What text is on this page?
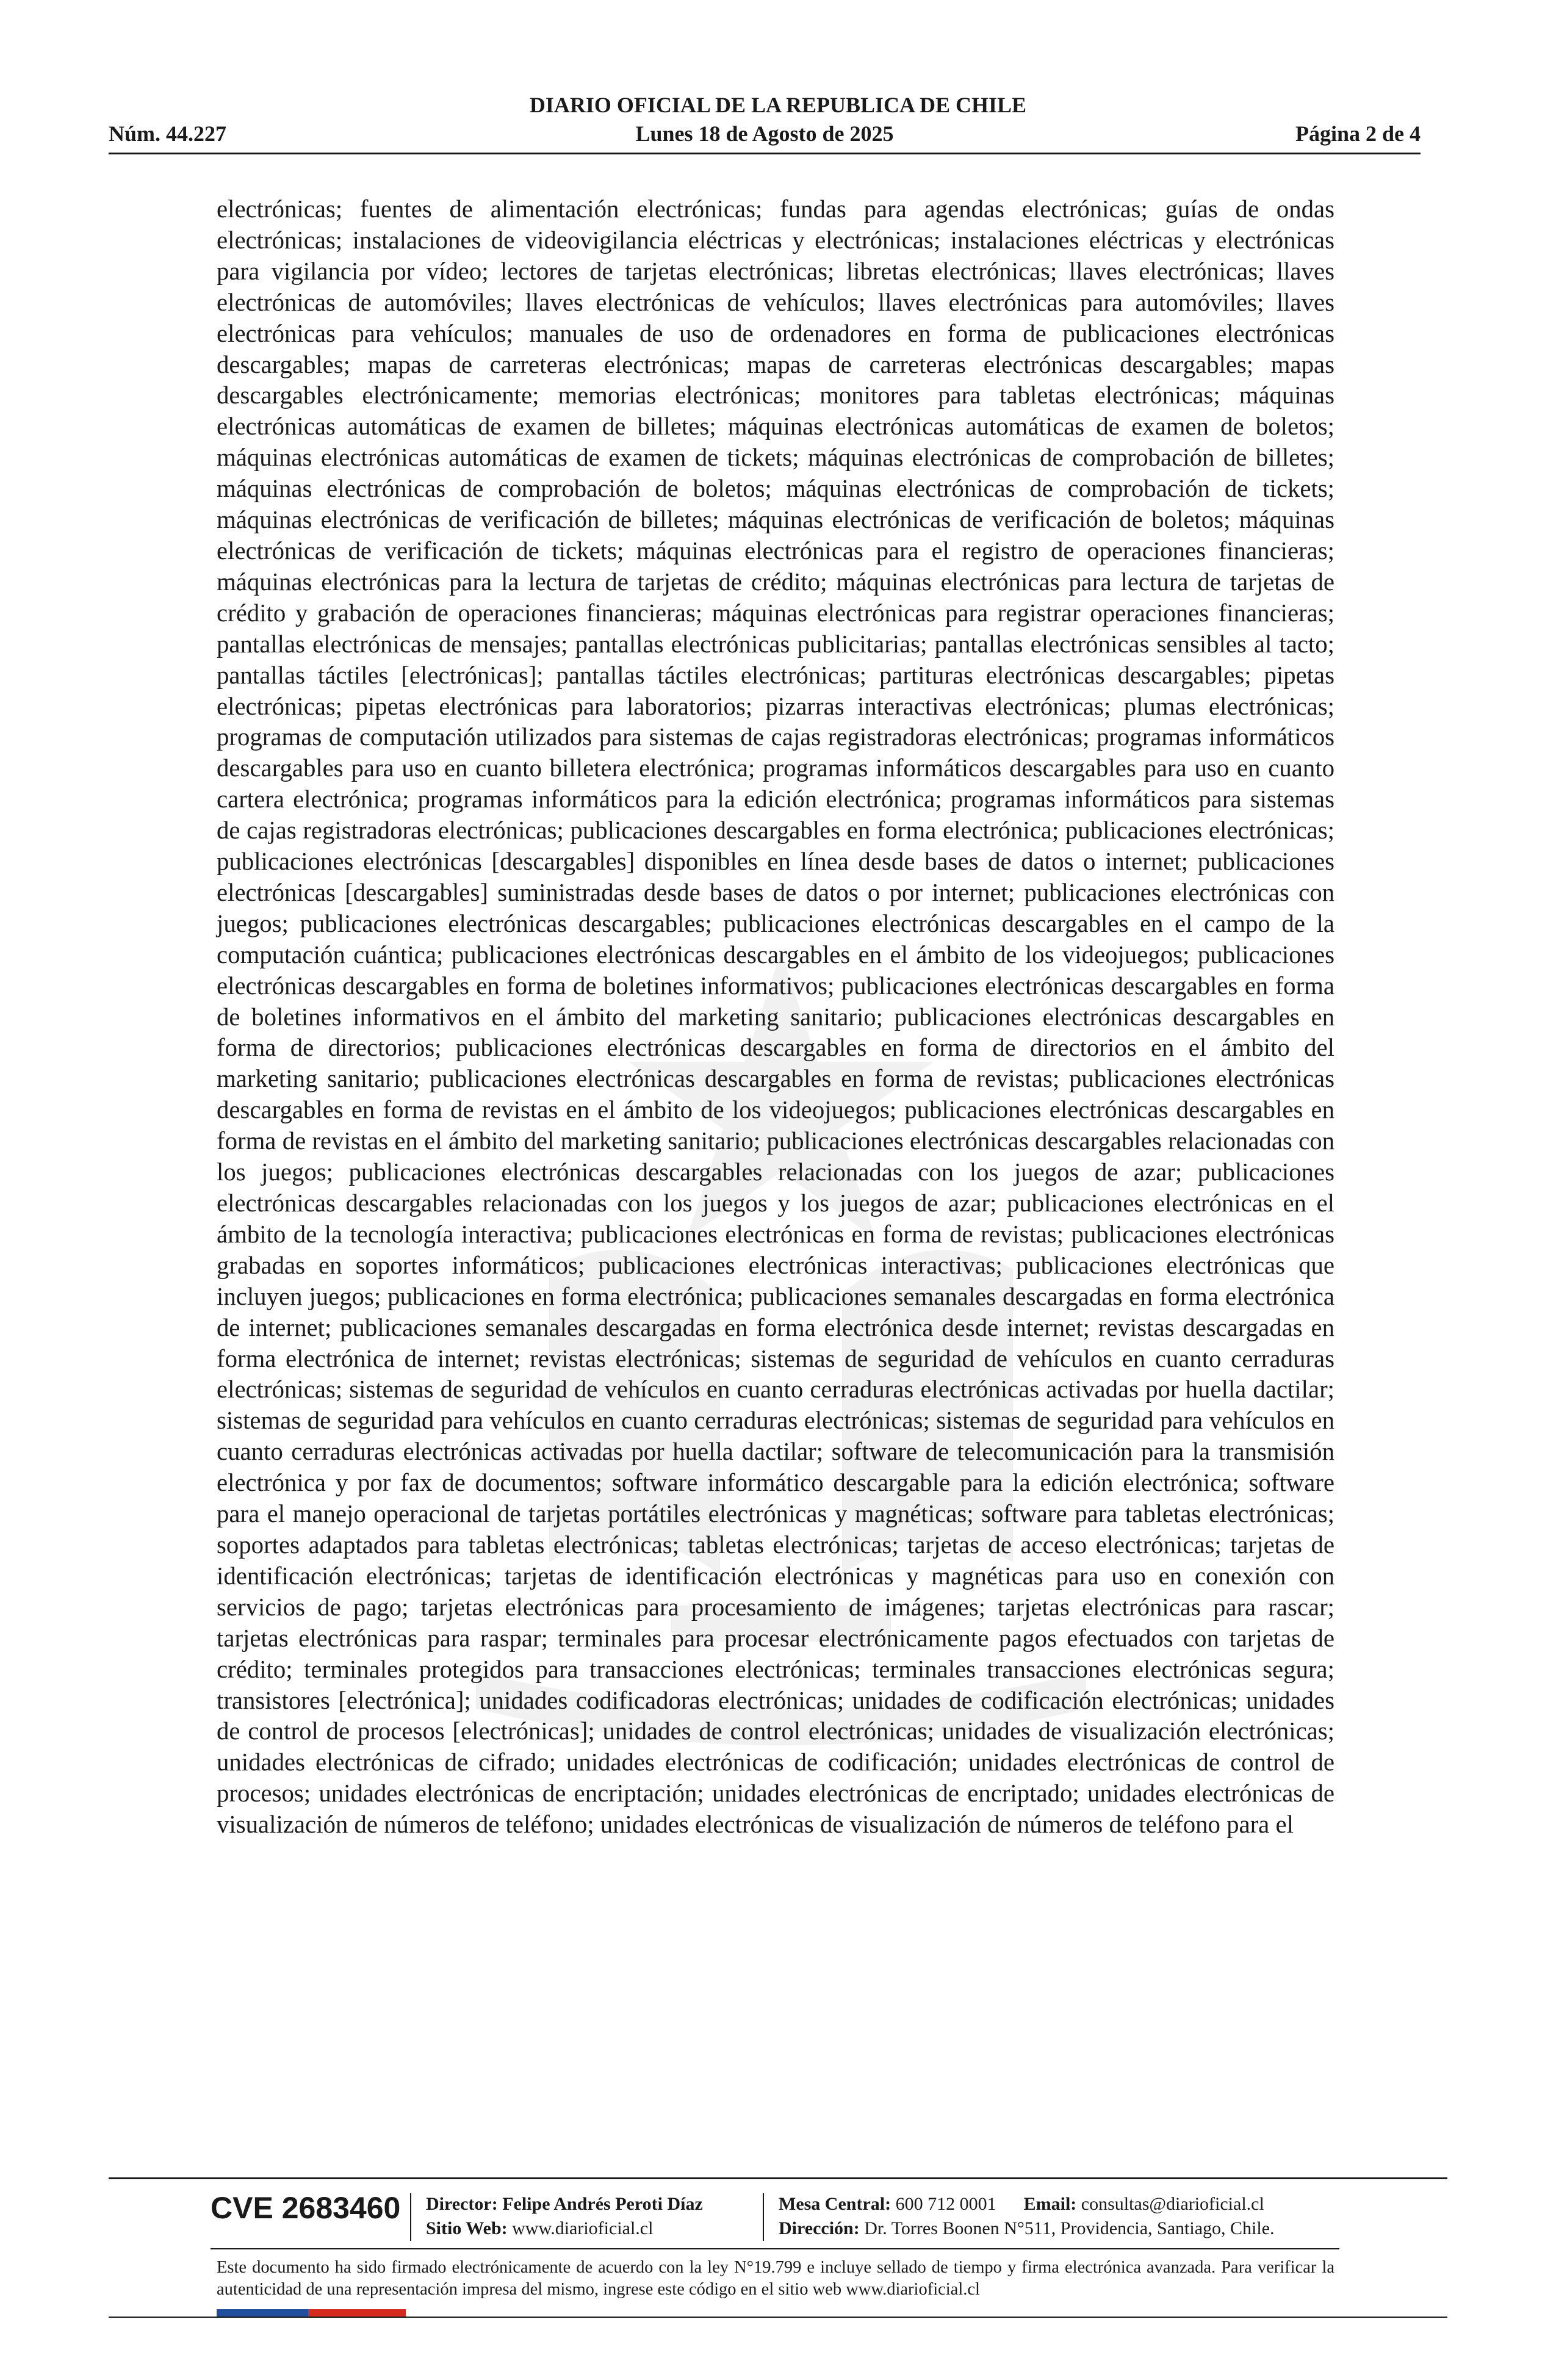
DIARIO OFICIAL DE LA REPUBLICA DE CHILE
Núm. 44.227	Lunes 18 de Agosto de 2025	Página 2 de 4

electrónicas; fuentes de alimentación electrónicas; fundas para agendas electrónicas; guías de ondas electrónicas; instalaciones de videovigilancia eléctricas y electrónicas; instalaciones eléctricas y electrónicas para vigilancia por vídeo; lectores de tarjetas electrónicas; libretas electrónicas; llaves electrónicas; llaves electrónicas de automóviles; llaves electrónicas de vehículos; llaves electrónicas para automóviles; llaves electrónicas para vehículos; manuales de uso de ordenadores en forma de publicaciones electrónicas descargables; mapas de carreteras electrónicas; mapas de carreteras electrónicas descargables; mapas descargables electrónicamente; memorias electrónicas; monitores para tabletas electrónicas; máquinas electrónicas automáticas de examen de billetes; máquinas electrónicas automáticas de examen de boletos; máquinas electrónicas automáticas de examen de tickets; máquinas electrónicas de comprobación de billetes; máquinas electrónicas de comprobación de boletos; máquinas electrónicas de comprobación de tickets; máquinas electrónicas de verificación de billetes; máquinas electrónicas de verificación de boletos; máquinas electrónicas de verificación de tickets; máquinas electrónicas para el registro de operaciones financieras; máquinas electrónicas para la lectura de tarjetas de crédito; máquinas electrónicas para lectura de tarjetas de crédito y grabación de operaciones financieras; máquinas electrónicas para registrar operaciones financieras; pantallas electrónicas de mensajes; pantallas electrónicas publicitarias; pantallas electrónicas sensibles al tacto; pantallas táctiles [electrónicas]; pantallas táctiles electrónicas; partituras electrónicas descargables; pipetas electrónicas; pipetas electrónicas para laboratorios; pizarras interactivas electrónicas; plumas electrónicas; programas de computación utilizados para sistemas de cajas registradoras electrónicas; programas informáticos descargables para uso en cuanto billetera electrónica; programas informáticos descargables para uso en cuanto cartera electrónica; programas informáticos para la edición electrónica; programas informáticos para sistemas de cajas registradoras electrónicas; publicaciones descargables en forma electrónica; publicaciones electrónicas; publicaciones electrónicas [descargables] disponibles en línea desde bases de datos o internet; publicaciones electrónicas [descargables] suministradas desde bases de datos o por internet; publicaciones electrónicas con juegos; publicaciones electrónicas descargables; publicaciones electrónicas descargables en el campo de la computación cuántica; publicaciones electrónicas descargables en el ámbito de los videojuegos; publicaciones electrónicas descargables en forma de boletines informativos; publicaciones electrónicas descargables en forma de boletines informativos en el ámbito del marketing sanitario; publicaciones electrónicas descargables en forma de directorios; publicaciones electrónicas descargables en forma de directorios en el ámbito del marketing sanitario; publicaciones electrónicas descargables en forma de revistas; publicaciones electrónicas descargables en forma de revistas en el ámbito de los videojuegos; publicaciones electrónicas descargables en forma de revistas en el ámbito del marketing sanitario; publicaciones electrónicas descargables relacionadas con los juegos; publicaciones electrónicas descargables relacionadas con los juegos de azar; publicaciones electrónicas descargables relacionadas con los juegos y los juegos de azar; publicaciones electrónicas en el ámbito de la tecnología interactiva; publicaciones electrónicas en forma de revistas; publicaciones electrónicas grabadas en soportes informáticos; publicaciones electrónicas interactivas; publicaciones electrónicas que incluyen juegos; publicaciones en forma electrónica; publicaciones semanales descargadas en forma electrónica de internet; publicaciones semanales descargadas en forma electrónica desde internet; revistas descargadas en forma electrónica de internet; revistas electrónicas; sistemas de seguridad de vehículos en cuanto cerraduras electrónicas; sistemas de seguridad de vehículos en cuanto cerraduras electrónicas activadas por huella dactilar; sistemas de seguridad para vehículos en cuanto cerraduras electrónicas; sistemas de seguridad para vehículos en cuanto cerraduras electrónicas activadas por huella dactilar; software de telecomunicación para la transmisión electrónica y por fax de documentos; software informático descargable para la edición electrónica; software para el manejo operacional de tarjetas portátiles electrónicas y magnéticas; software para tabletas electrónicas; soportes adaptados para tabletas electrónicas; tabletas electrónicas; tarjetas de acceso electrónicas; tarjetas de identificación electrónicas; tarjetas de identificación electrónicas y magnéticas para uso en conexión con servicios de pago; tarjetas electrónicas para procesamiento de imágenes; tarjetas electrónicas para rascar; tarjetas electrónicas para raspar; terminales para procesar electrónicamente pagos efectuados con tarjetas de crédito; terminales protegidos para transacciones electrónicas; terminales transacciones electrónicas segura; transistores [electrónica]; unidades codificadoras electrónicas; unidades de codificación electrónicas; unidades de control de procesos [electrónicas]; unidades de control electrónicas; unidades de visualización electrónicas; unidades electrónicas de cifrado; unidades electrónicas de codificación; unidades electrónicas de control de procesos; unidades electrónicas de encriptación; unidades electrónicas de encriptado; unidades electrónicas de visualización de números de teléfono; unidades electrónicas de visualización de números de teléfono para el

CVE 2683460 Director: Felipe Andrés Peroti Díaz
Sitio Web: www.diarioficial.cl
Mesa Central: 600 712 0001 Email: consultas@diarioficial.cl
Dirección: Dr. Torres Boonen N°511, Providencia, Santiago, Chile.
Este documento ha sido firmado electrónicamente de acuerdo con la ley N°19.799 e incluye sellado de tiempo y firma electrónica avanzada. Para verificar la autenticidad de una representación impresa del mismo, ingrese este código en el sitio web www.diarioficial.cl
